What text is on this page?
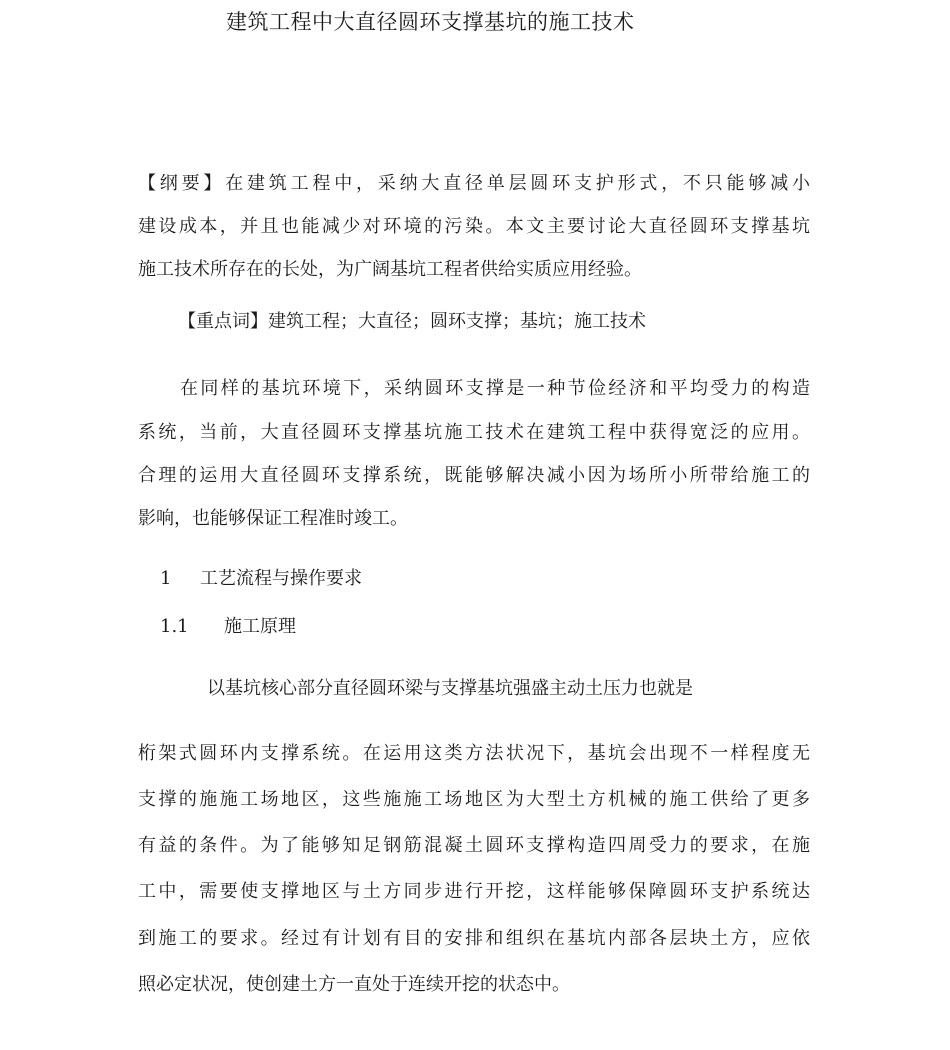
建筑工程中大直径圆环支撑基坑的施工技术
【纲要】在建筑工程中，采纳大直径单层圆环支护形式，不只能够减小
建设成本，并且也能减少对环境的污染。本文主要讨论大直径圆环支撑基坑
施工技术所存在的长处，为广阔基坑工程者供给实质应用经验。
【重点词】建筑工程；大直径；圆环支撑；基坑；施工技术
在同样的基坑环境下，采纳圆环支撑是一种节俭经济和平均受力的构造
系统，当前，大直径圆环支撑基坑施工技术在建筑工程中获得宽泛的应用。
合理的运用大直径圆环支撑系统，既能够解决减小因为场所小所带给施工的
影响，也能够保证工程准时竣工。
1 工艺流程与操作要求
1.1 施工原理
以基坑核心部分直径圆环梁与支撑基坑强盛主动土压力也就是
桁架式圆环内支撑系统。在运用这类方法状况下，基坑会出现不一样程度无
支撑的施施工场地区，这些施施工场地区为大型土方机械的施工供给了更多
有益的条件。为了能够知足钢筋混凝土圆环支撑构造四周受力的要求，在施
工中，需要使支撑地区与土方同步进行开挖，这样能够保障圆环支护系统达
到施工的要求。经过有计划有目的安排和组织在基坑内部各层块土方，应依
照必定状况，使创建土方一直处于连续开挖的状态中。
